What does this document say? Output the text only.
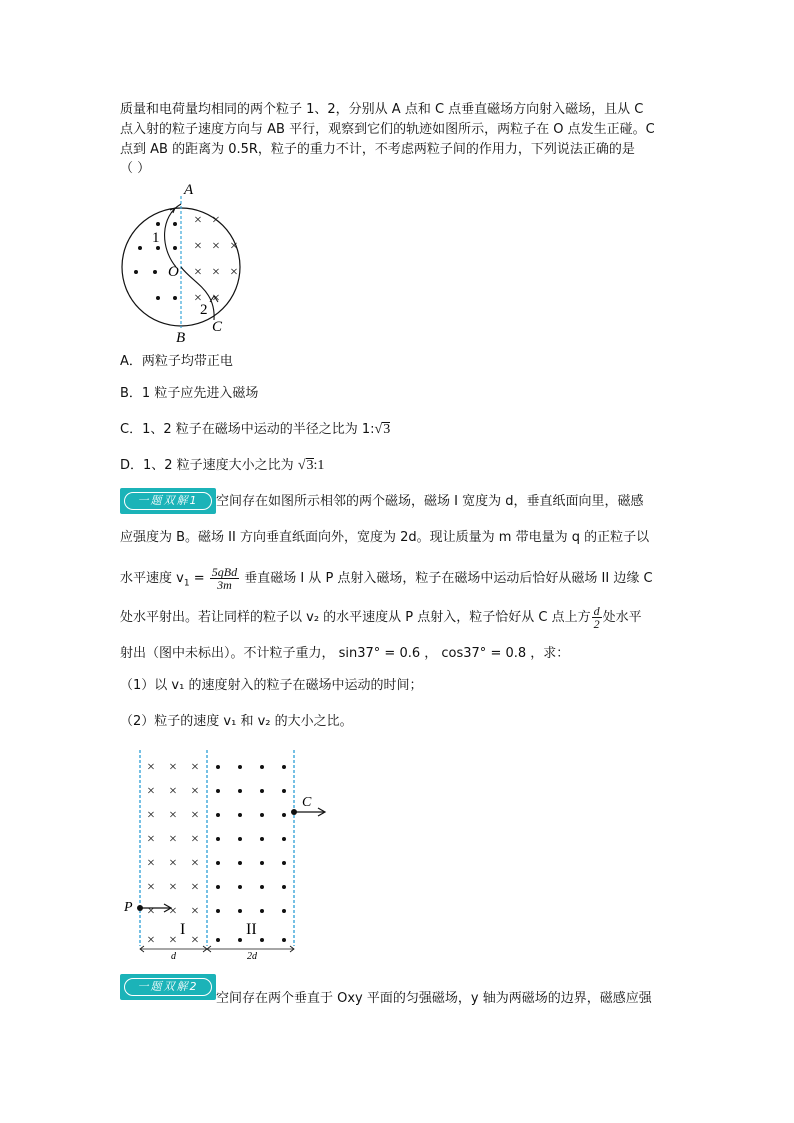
质量和电荷量均相同的两个粒子 1、2，分别从 A 点和 C 点垂直磁场方向射入磁场，且从 C
点入射的粒子速度方向与 AB 平行，观察到它们的轨迹如图所示，两粒子在 O 点发生正碰。C
点到 AB 的距离为 0.5R，粒子的重力不计，不考虑两粒子间的作用力，下列说法正确的是
（ ）
× ×
× × ×
× × ×
× ×
A
B
C
O
1
2
A．两粒子均带正电
B．1 粒子应先进入磁场
C．1、2 粒子在磁场中运动的半径之比为 1:√3
D．1、2 粒子速度大小之比为 √3:1
一题双解1	空间存在如图所示相邻的两个磁场，磁场 I 宽度为 d，垂直纸面向里，磁感
应强度为 B。磁场 II 方向垂直纸面向外，宽度为 2d。现让质量为 m 带电量为 q 的正粒子以
水平速度 $v_1 = \frac{\text{5qBd}}{3m}$ 垂直磁场 I 从 P 点射入磁场，粒子在磁场中运动后恰好从磁场 II 边缘 C
处水平射出。若让同样的粒子以 v₂ 的水平速度从 P 点射入，粒子恰好从 C 点上方 $\frac{d}{2}$ 处水平
射出（图中未标出）。不计粒子重力， sin37° = 0.6 ， cos37° = 0.8 ，求：
（1）以 v₁ 的速度射入的粒子在磁场中运动的时间；
（2）粒子的速度 v₁ 和 v₂ 的大小之比。
× × ×
× × ×
× × ×
× × ×
× × ×
× × ×
× × ×
× × ×
P
C
I	II
d	2d
一题双解2
空间存在两个垂直于 Oxy 平面的匀强磁场，y 轴为两磁场的边界，磁感应强
